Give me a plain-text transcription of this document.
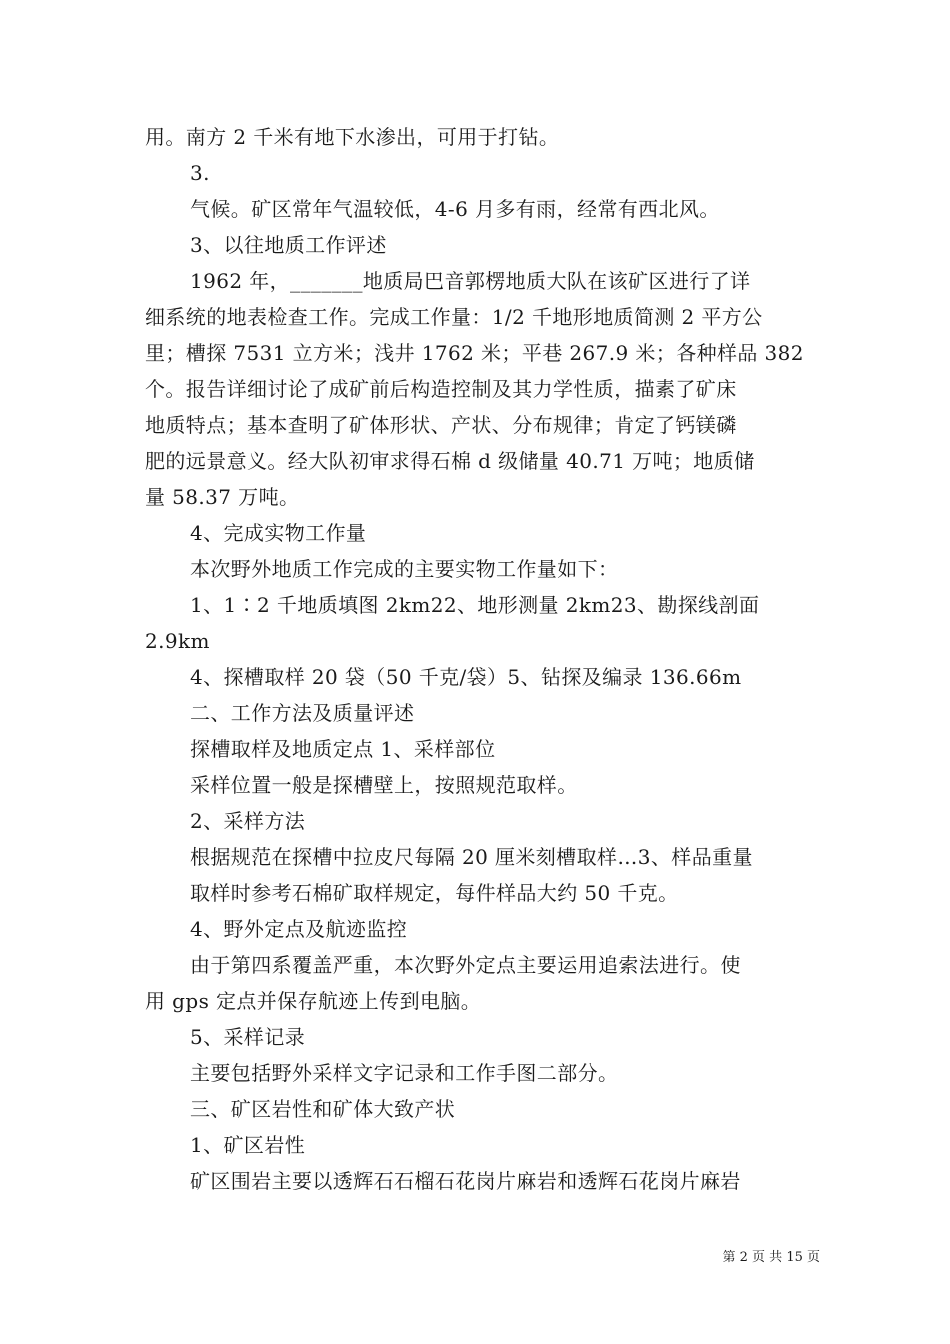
用。南方 2 千米有地下水渗出，可用于打钻。
3.
气候。矿区常年气温较低，4-6 月多有雨，经常有西北风。
3、以往地质工作评述
1962 年，_______地质局巴音郭楞地质大队在该矿区进行了详
细系统的地表检查工作。完成工作量：1/2 千地形地质简测 2 平方公
里；槽探 7531 立方米；浅井 1762 米；平巷 267.9 米；各种样品 382
个。报告详细讨论了成矿前后构造控制及其力学性质，描素了矿床
地质特点；基本查明了矿体形状、产状、分布规律；肯定了钙镁磷
肥的远景意义。经大队初审求得石棉 d 级储量 40.71 万吨；地质储
量 58.37 万吨。
4、完成实物工作量
本次野外地质工作完成的主要实物工作量如下：
1、1∶2 千地质填图 2km22、地形测量 2km23、勘探线剖面
2.9km
4、探槽取样 20 袋（50 千克/袋）5、钻探及编录 136.66m
二、工作方法及质量评述
探槽取样及地质定点 1、采样部位
采样位置一般是探槽壁上，按照规范取样。
2、采样方法
根据规范在探槽中拉皮尺每隔 20 厘米刻槽取样…3、样品重量
取样时参考石棉矿取样规定，每件样品大约 50 千克。
4、野外定点及航迹监控
由于第四系覆盖严重，本次野外定点主要运用追索法进行。使
用 gps 定点并保存航迹上传到电脑。
5、采样记录
主要包括野外采样文字记录和工作手图二部分。
三、矿区岩性和矿体大致产状
1、矿区岩性
矿区围岩主要以透辉石石榴石花岗片麻岩和透辉石花岗片麻岩
第 2 页 共 15 页
